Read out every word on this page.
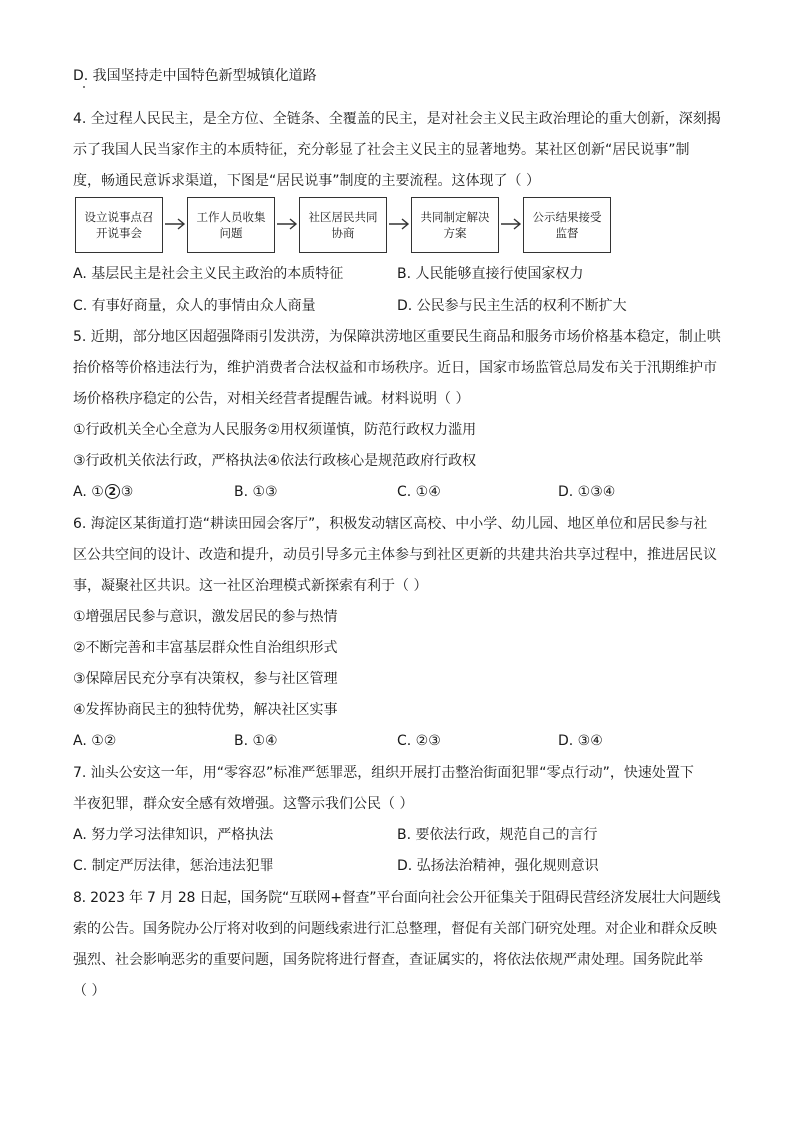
D. 我国坚持走中国特色新型城镇化道路
4. 全过程人民民主，是全方位、全链条、全覆盖的民主，是对社会主义民主政治理论的重大创新，深刻揭
示了我国人民当家作主的本质特征，充分彰显了社会主义民主的显著地势。某社区创新“居民说事”制
度，畅通民意诉求渠道，下图是“居民说事”制度的主要流程。这体现了（ ）
设立说事点召开说事会
工作人员收集问题
社区居民共同协商
共同制定解决方案
公示结果接受监督
A. 基层民主是社会主义民主政治的本质特征	B. 人民能够直接行使国家权力
C. 有事好商量，众人的事情由众人商量	D. 公民参与民主生活的权利不断扩大
5. 近期，部分地区因超强降雨引发洪涝，为保障洪涝地区重要民生商品和服务市场价格基本稳定，制止哄
抬价格等价格违法行为，维护消费者合法权益和市场秩序。近日，国家市场监管总局发布关于汛期维护市
场价格秩序稳定的公告，对相关经营者提醒告诫。材料说明（ ）
①行政机关全心全意为人民服务②用权须谨慎，防范行政权力滥用
③行政机关依法行政，严格执法④依法行政核心是规范政府行政权
A. ① 2 ③	B. ①③	C. ①④	D. ①③④
6. 海淀区某街道打造“耕读田园会客厅”，积极发动辖区高校、中小学、幼儿园、地区单位和居民参与社
区公共空间的设计、改造和提升，动员引导多元主体参与到社区更新的共建共治共享过程中，推进居民议
事，凝聚社区共识。这一社区治理模式新探索有利于（ ）
①增强居民参与意识，激发居民的参与热情
②不断完善和丰富基层群众性自治组织形式
③保障居民充分享有决策权，参与社区管理
④发挥协商民主的独特优势，解决社区实事
A. ①②	B. ①④	C. ②③	D. ③④
7. 汕头公安这一年，用“零容忍”标准严惩罪恶，组织开展打击整治街面犯罪“零点行动”，快速处置下
半夜犯罪，群众安全感有效增强。这警示我们公民（ ）
A. 努力学习法律知识，严格执法	B. 要依法行政，规范自己的言行
C. 制定严厉法律，惩治违法犯罪	D. 弘扬法治精神，强化规则意识
8. 2023 年 7 月 28 日起，国务院“互联网+督查”平台面向社会公开征集关于阻碍民营经济发展壮大问题线
索的公告。国务院办公厅将对收到的问题线索进行汇总整理，督促有关部门研究处理。对企业和群众反映
强烈、社会影响恶劣的重要问题，国务院将进行督查，查证属实的，将依法依规严肃处理。国务院此举
（ ）
